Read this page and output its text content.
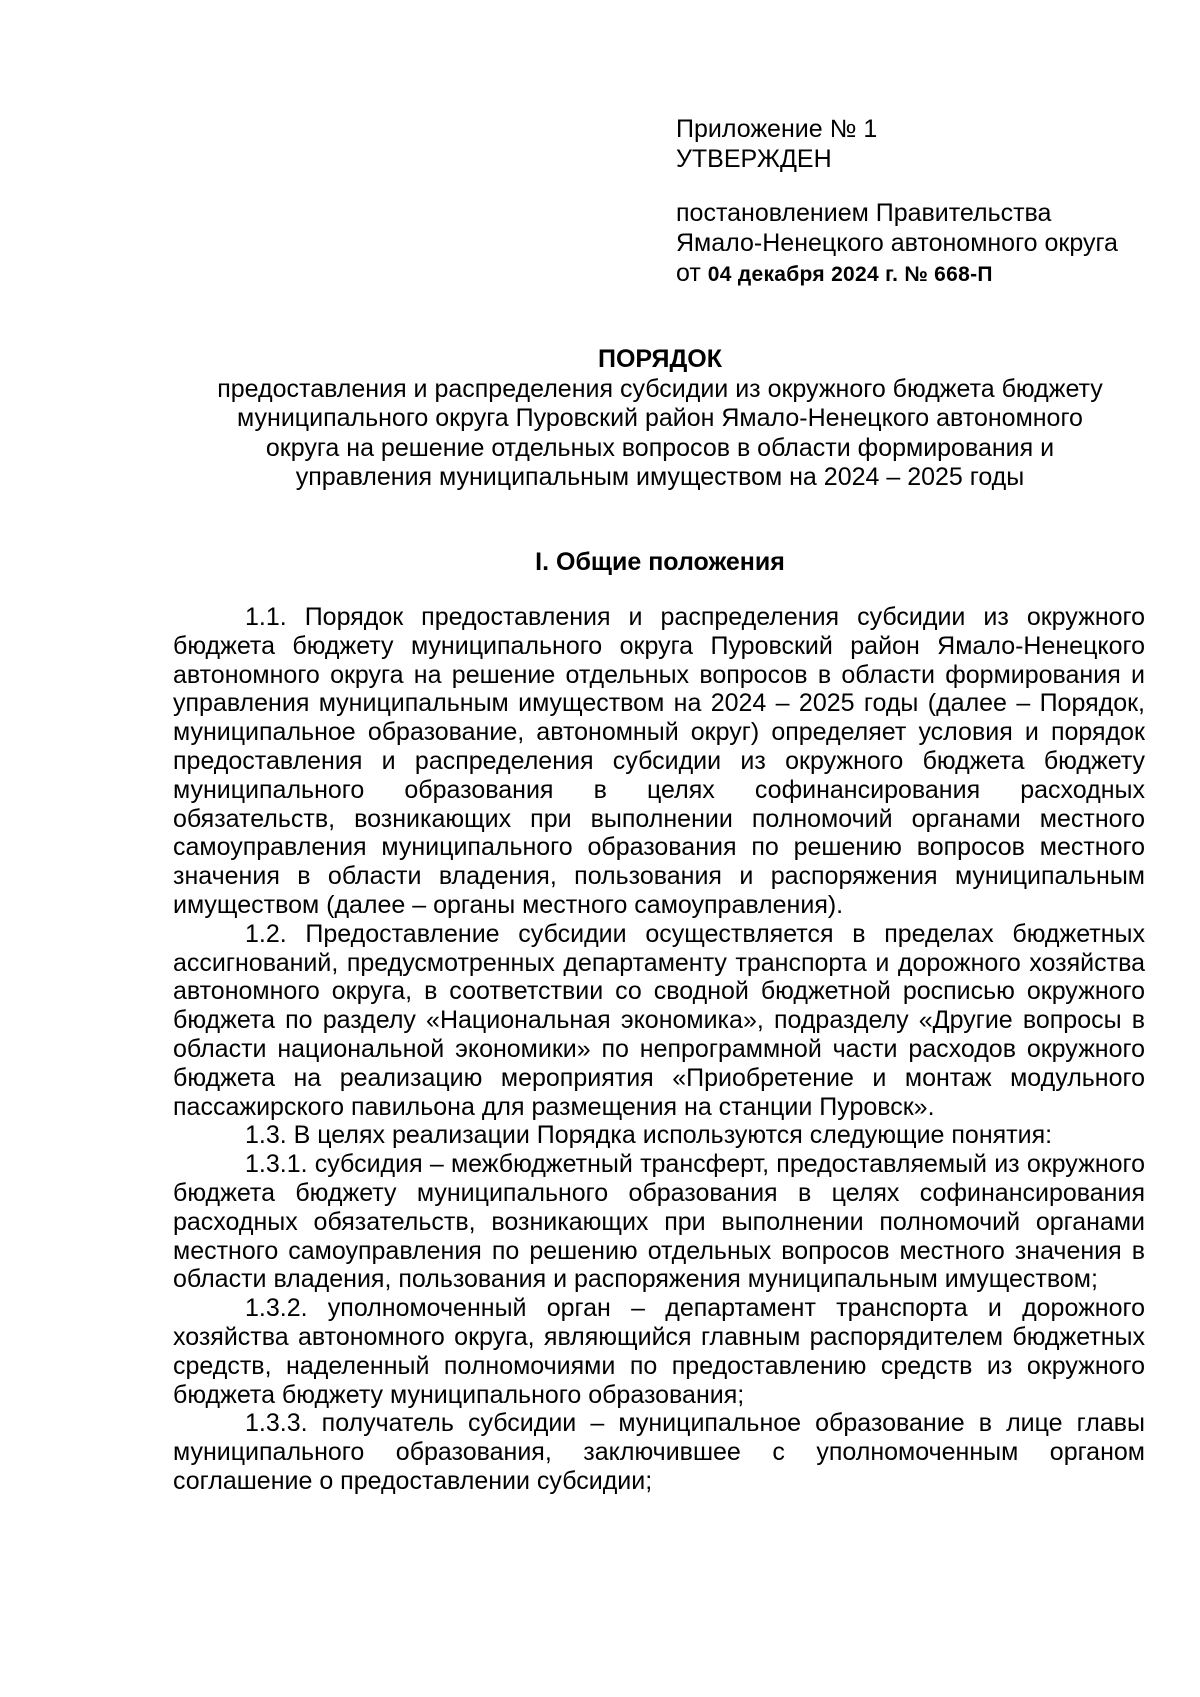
Приложение № 1
УТВЕРЖДЕН
постановлением Правительства
Ямало-Ненецкого автономного округа
от 04 декабря 2024 г. № 668-П
ПОРЯДОК
предоставления и распределения субсидии из окружного бюджета бюджету
муниципального округа Пуровский район Ямало-Ненецкого автономного
округа на решение отдельных вопросов в области формирования и
управления муниципальным имуществом на 2024 – 2025 годы
I. Общие положения

1.1. Порядок предоставления и распределения субсидии из окружного бюджета бюджету муниципального округа Пуровский район Ямало-Ненецкого автономного округа на решение отдельных вопросов в области формирования и управления муниципальным имуществом на 2024 – 2025 годы (далее – Порядок, муниципальное образование, автономный округ) определяет условия и порядок предоставления и распределения субсидии из окружного бюджета бюджету муниципального образования в целях софинансирования расходных обязательств, возникающих при выполнении полномочий органами местного самоуправления муниципального образования по решению вопросов местного значения в области владения, пользования и распоряжения муниципальным имуществом (далее – органы местного самоуправления).

1.2. Предоставление субсидии осуществляется в пределах бюджетных ассигнований, предусмотренных департаменту транспорта и дорожного хозяйства автономного округа, в соответствии со сводной бюджетной росписью окружного бюджета по разделу «Национальная экономика», подразделу «Другие вопросы в области национальной экономики» по непрограммной части расходов окружного бюджета на реализацию мероприятия «Приобретение и монтаж модульного пассажирского павильона для размещения на станции Пуровск».

1.3. В целях реализации Порядка используются следующие понятия:

1.3.1. субсидия – межбюджетный трансферт, предоставляемый из окружного бюджета бюджету муниципального образования в целях софинансирования расходных обязательств, возникающих при выполнении полномочий органами местного самоуправления по решению отдельных вопросов местного значения в области владения, пользования и распоряжения муниципальным имуществом;

1.3.2. уполномоченный орган – департамент транспорта и дорожного хозяйства автономного округа, являющийся главным распорядителем бюджетных средств, наделенный полномочиями по предоставлению средств из окружного бюджета бюджету муниципального образования;

1.3.3. получатель субсидии – муниципальное образование в лице главы муниципального образования, заключившее с уполномоченным органом соглашение о предоставлении субсидии;
